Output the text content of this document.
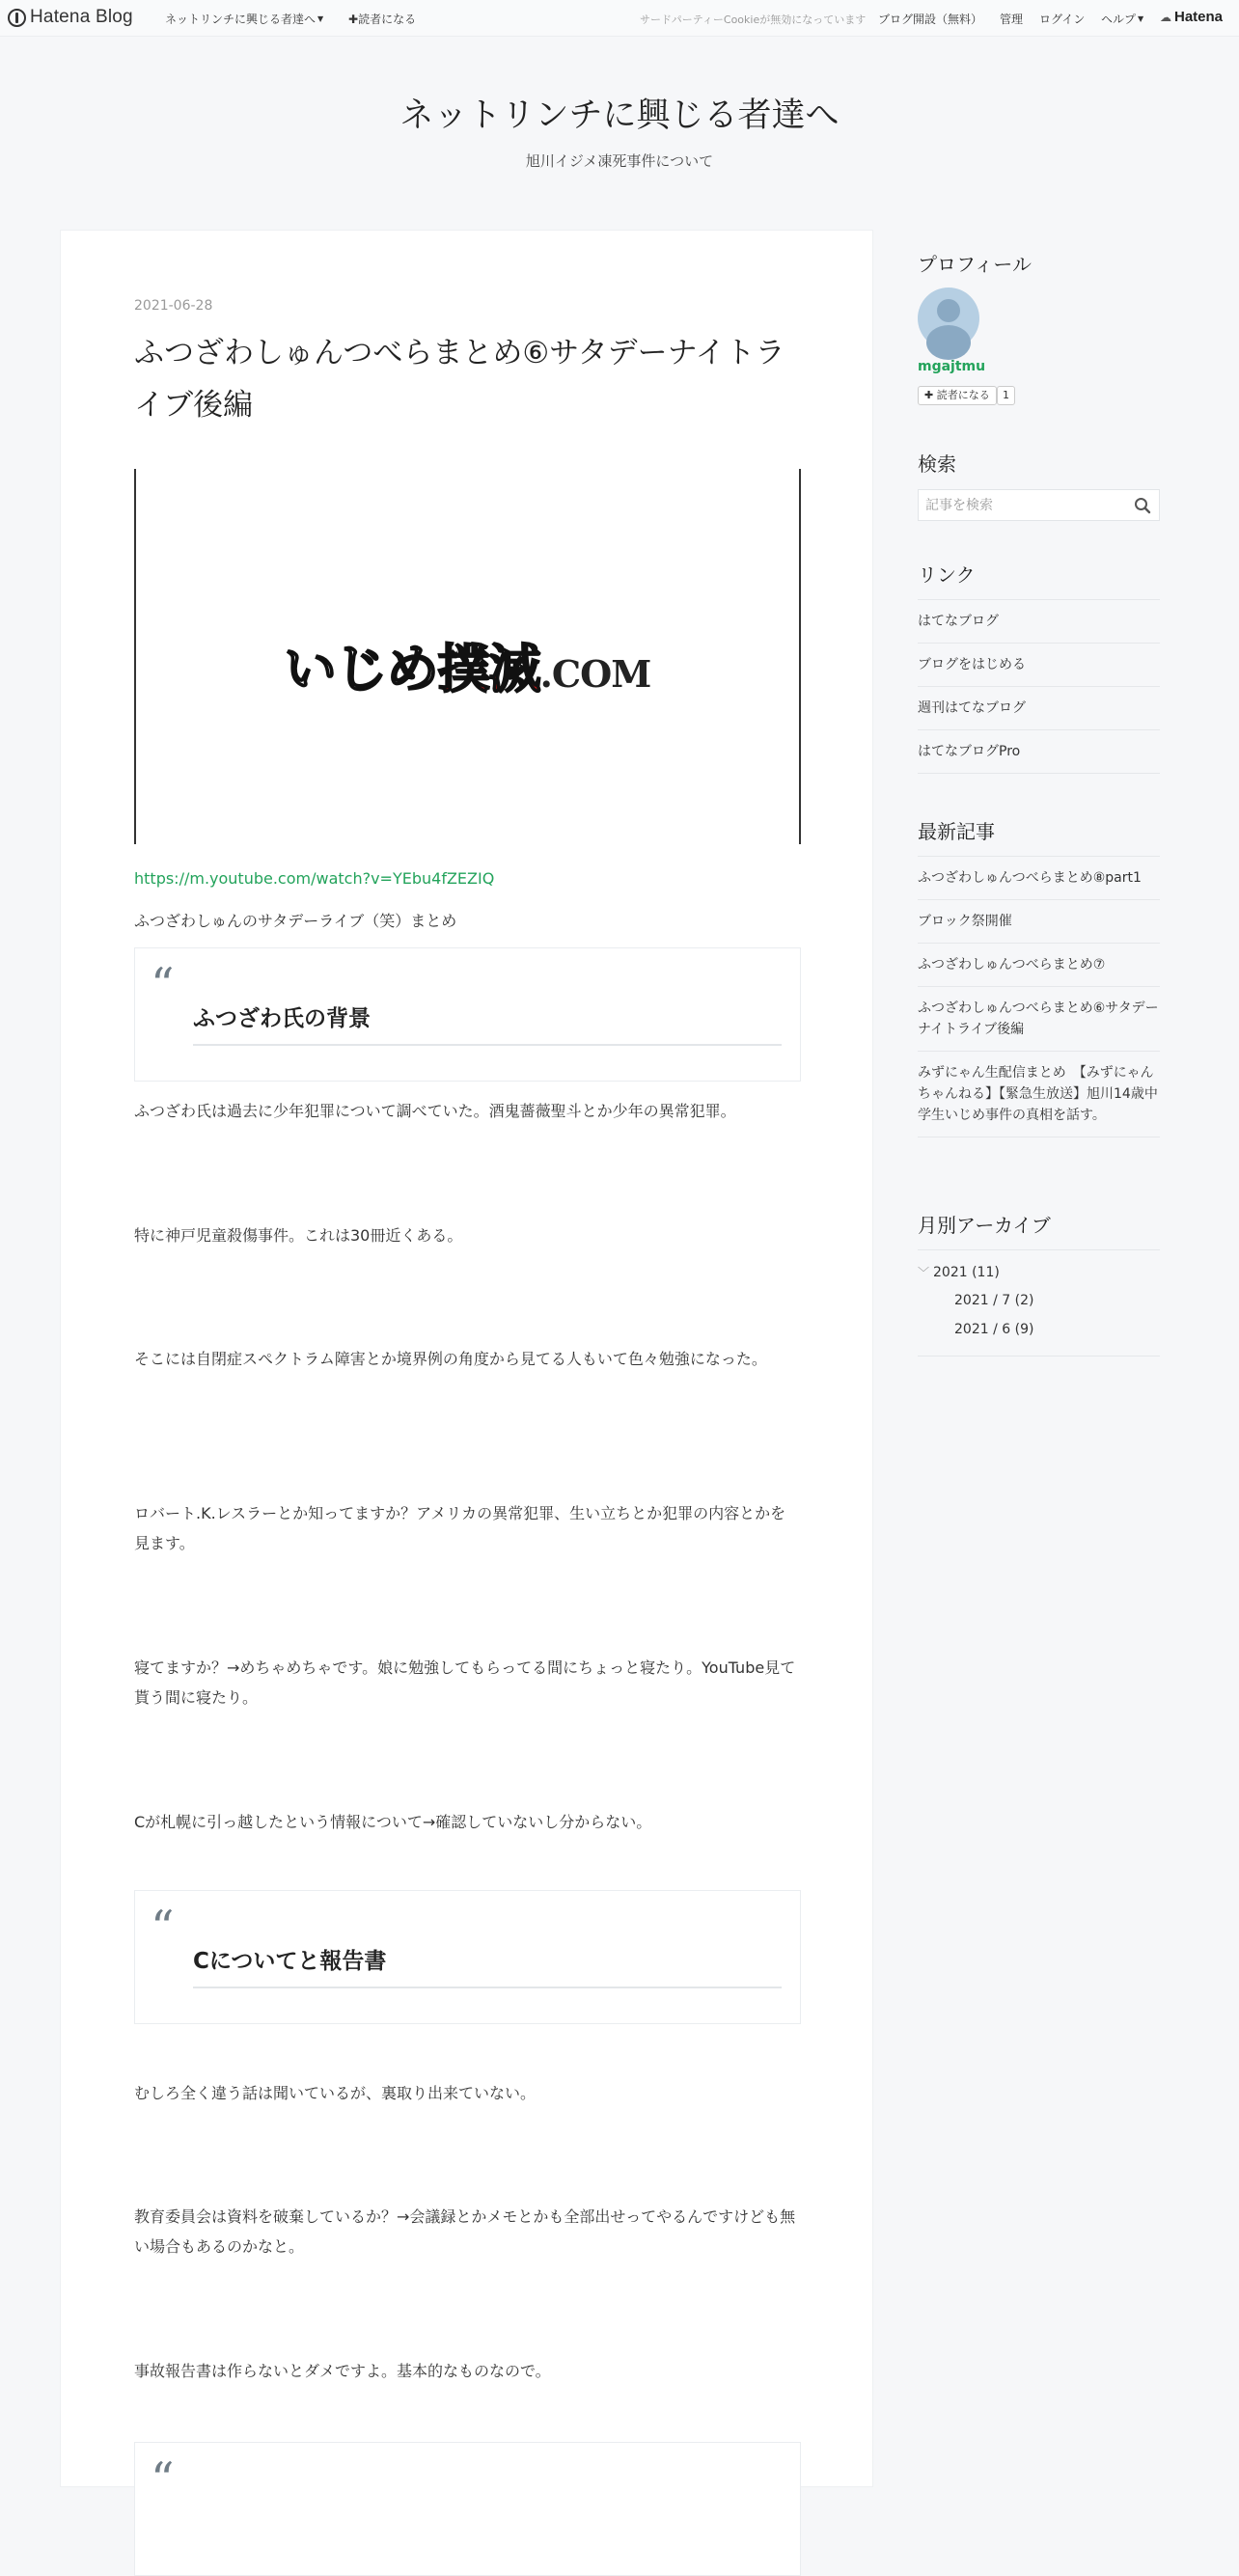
Hatena Blog	ネットリンチに興じる者達へ ▼ ✚読者になる	サードパーティーCookieが無効になっています ブログ開設（無料） 管理 ログイン ヘルプ ▼ ☁ Hatena
ネットリンチに興じる者達へ
旭川イジメ凍死事件について
2021-06-28
ふつざわしゅんつべらまとめ⑥サタデーナイトライブ後編
いじめ撲滅.COM
https://m.youtube.com/watch?v=YEbu4fZEZIQ
ふつざわしゅんのサタデーライブ（笑）まとめ
“
ふつざわ氏の背景
ふつざわ氏は過去に少年犯罪について調べていた。酒鬼薔薇聖斗とか少年の異常犯罪。
特に神戸児童殺傷事件。これは30冊近くある。
そこには自閉症スペクトラム障害とか境界例の角度から見てる人もいて色々勉強になった。
ロバート.K.レスラーとか知ってますか？アメリカの異常犯罪、生い立ちとか犯罪の内容とかを見ます。
寝てますか？→めちゃめちゃです。娘に勉強してもらってる間にちょっと寝たり。YouTube見て貰う間に寝たり。
Cが札幌に引っ越したという情報について→確認していないし分からない。
“
Cについてと報告書
むしろ全く違う話は聞いているが、裏取り出来ていない。
教育委員会は資料を破棄しているか？→会議録とかメモとかも全部出せってやるんですけども無い場合もあるのかなと。
事故報告書は作らないとダメですよ。基本的なものなので。
“
プロフィール
mgajtmu
✚ 読者になる	1
検索
記事を検索
リンク
はてなブログ
ブログをはじめる
週刊はてなブログ
はてなブログPro
最新記事
ふつざわしゅんつべらまとめ⑧part1
ブロック祭開催
ふつざわしゅんつべらまとめ⑦
ふつざわしゅんつべらまとめ⑥サタデーナイトライブ後編
みずにゃん生配信まとめ　【みずにゃんちゃんねる】【緊急生放送】旭川14歳中学生いじめ事件の真相を話す。
月別アーカイブ
﹀ 2021 (11)
2021 / 7 (2)
2021 / 6 (9)
